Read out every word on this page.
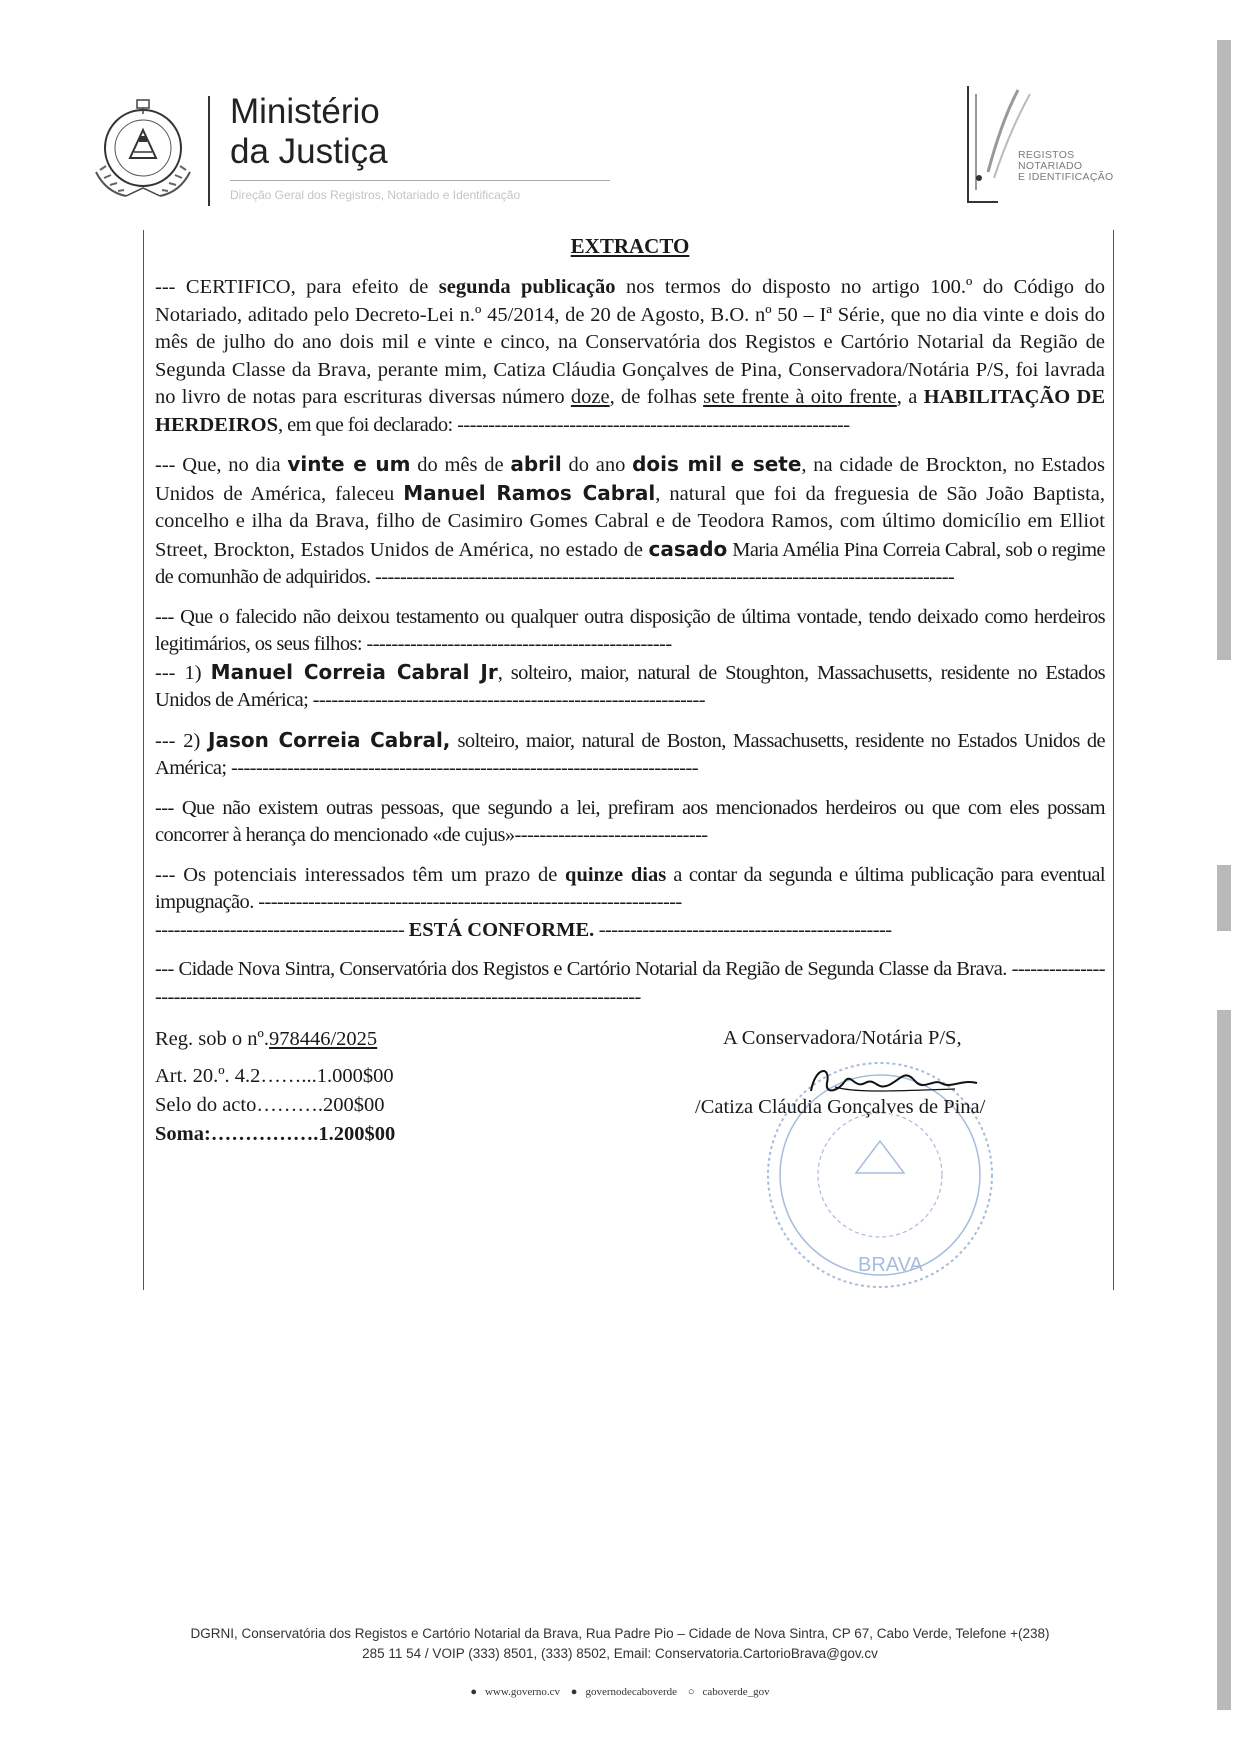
Ministério
da Justiça
Direção Geral dos Registros, Notariado e Identificação
REGISTOS
NOTARIADO
E IDENTIFICAÇÃO
BRAVA

EXTRACTO

--- CERTIFICO, para efeito de segunda publicação nos termos do disposto no artigo 100.º do Código do Notariado, aditado pelo Decreto-Lei n.º 45/2014, de 20 de Agosto, B.O. nº 50 – Iª Série, que no dia vinte e dois do mês de julho do ano dois mil e vinte e cinco, na Conservatória dos Registos e Cartório Notarial da Região de Segunda Classe da Brava, perante mim, Catiza Cláudia Gonçalves de Pina, Conservadora/Notária P/S, foi lavrada no livro de notas para escrituras diversas número doze, de folhas sete frente à oito frente, a HABILITAÇÃO DE HERDEIROS, em que foi declarado: ---------------------------------------------------------------

--- Que, no dia vinte e um do mês de abril do ano dois mil e sete, na cidade de Brockton, no Estados Unidos de América, faleceu Manuel Ramos Cabral, natural que foi da freguesia de São João Baptista, concelho e ilha da Brava, filho de Casimiro Gomes Cabral e de Teodora Ramos, com último domicílio em Elliot Street, Brockton, Estados Unidos de América, no estado de casado Maria Amélia Pina Correia Cabral, sob o regime de comunhão de adquiridos. ---------------------------------------------------------------------------------------------

--- Que o falecido não deixou testamento ou qualquer outra disposição de última vontade, tendo deixado como herdeiros legitimários, os seus filhos: -------------------------------------------------

--- 1) Manuel Correia Cabral Jr, solteiro, maior, natural de Stoughton, Massachusetts, residente no Estados Unidos de América; ---------------------------------------------------------------

--- 2) Jason Correia Cabral, solteiro, maior, natural de Boston, Massachusetts, residente no Estados Unidos de América; ---------------------------------------------------------------------------

--- Que não existem outras pessoas, que segundo a lei, prefiram aos mencionados herdeiros ou que com eles possam concorrer à herança do mencionado «de cujus»-------------------------------

--- Os potenciais interessados têm um prazo de quinze dias a contar da segunda e última publicação para eventual impugnação. --------------------------------------------------------------------

---------------------------------------- ESTÁ CONFORME. -----------------------------------------------

--- Cidade Nova Sintra, Conservatória dos Registos e Cartório Notarial da Região de Segunda Classe da Brava. ---------------------------------------------------------------------------------------------

Reg. sob o nº.978446/2025
Art. 20.º. 4.2……...1.000$00
Selo do acto……….200$00
Soma:…………….1.200$00
A Conservadora/Notária P/S,
/Catiza Cláudia Gonçalves de Pina/
DGRNI, Conservatória dos Registos e Cartório Notarial da Brava, Rua Padre Pio – Cidade de Nova Sintra, CP 67, Cabo Verde, Telefone +(238)
285 11 54 / VOIP (333) 8501, (333) 8502, Email: Conservatoria.CartorioBrava@gov.cv
● www.governo.cv ● governodecaboverde ○ caboverde_gov
